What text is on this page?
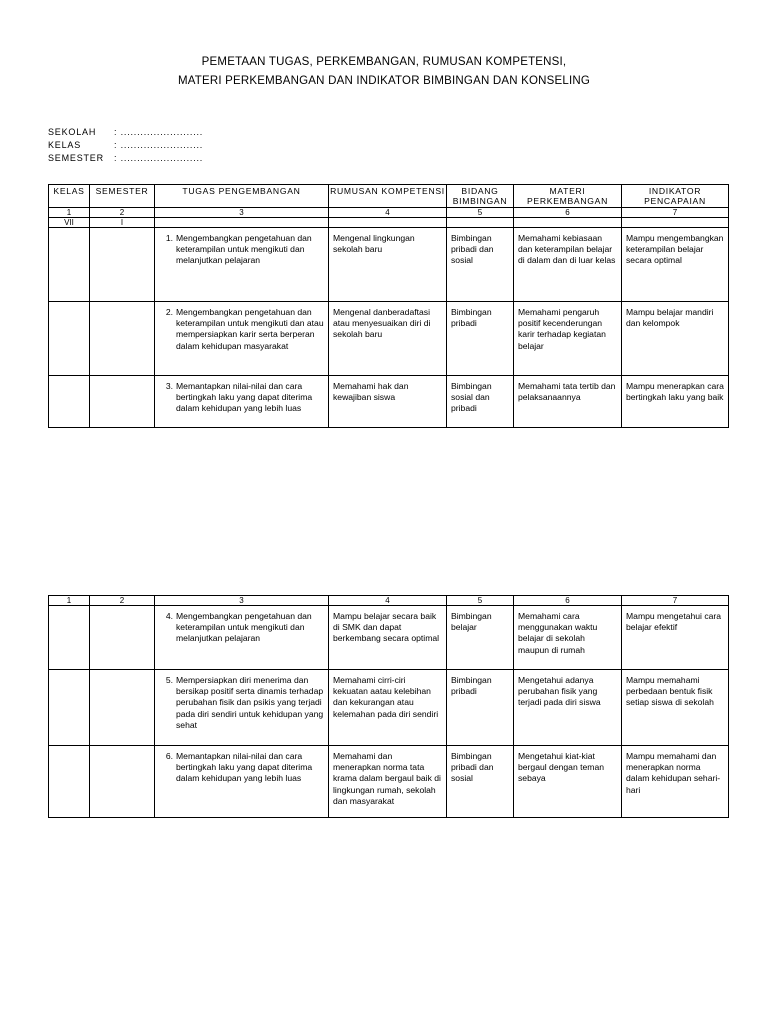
PEMETAAN TUGAS, PERKEMBANGAN, RUMUSAN KOMPETENSI,
MATERI PERKEMBANGAN DAN INDIKATOR BIMBINGAN DAN KONSELING
SEKOLAH	: .........................
KELAS	: .........................
SEMESTER	: .........................
KELAS	SEMESTER	TUGAS PENGEMBANGAN	RUMUSAN KOMPETENSI	BIDANG BIMBINGAN	MATERI PERKEMBANGAN	INDIKATOR PENCAPAIAN
1	2	3	4	5	6	7
VII	I					

		1. Mengembangkan pengetahuan dan keterampilan untuk mengikuti dan melanjutkan pelajaran	Mengenal lingkungan sekolah baru	Bimbingan pribadi dan sosial	Memahami kebiasaan dan keterampilan belajar di dalam dan di luar kelas	Mampu mengembangkan keterampilan belajar secara optimal

		2. Mengembangkan pengetahuan dan keterampilan untuk mengikuti dan atau mempersiapkan karir serta berperan dalam kehidupan masyarakat	Mengenal danberadaftasi atau menyesuaikan diri di sekolah baru	Bimbingan pribadi	Memahami pengaruh positif kecenderungan karir terhadap kegiatan belajar	Mampu belajar mandiri dan kelompok

		3. Memantapkan nilai-nilai dan cara bertingkah laku yang dapat diterima dalam kehidupan yang lebih luas	Memahami hak dan kewajiban siswa	Bimbingan sosial dan pribadi	Memahami tata tertib dan pelaksanaannya	Mampu menerapkan cara bertingkah laku yang baik
1	2	3	4	5	6	7

		4. Mengembangkan pengetahuan dan keterampilan untuk mengikuti dan melanjutkan pelajaran	Mampu belajar secara baik di SMK dan dapat berkembang secara optimal	Bimbingan belajar	Memahami cara menggunakan waktu belajar di sekolah maupun di rumah	Mampu mengetahui cara belajar efektif

		5. Mempersiapkan diri menerima dan bersikap positif serta dinamis terhadap perubahan fisik dan psikis yang terjadi pada diri sendiri untuk kehidupan yang sehat	Memahami cirri-ciri kekuatan aatau kelebihan dan kekurangan atau kelemahan pada diri sendiri	Bimbingan pribadi	Mengetahui adanya perubahan fisik yang terjadi pada diri siswa	Mampu memahami perbedaan bentuk fisik setiap siswa di sekolah

		6. Memantapkan nilai-nilai dan cara bertingkah laku yang dapat diterima dalam kehidupan yang lebih luas	Memahami dan menerapkan norma tata krama dalam bergaul baik di lingkungan rumah, sekolah dan masyarakat	Bimbingan pribadi dan sosial	Mengetahui kiat-kiat bergaul dengan teman sebaya	Mampu memahami dan menerapkan norma dalam kehidupan sehari-hari
